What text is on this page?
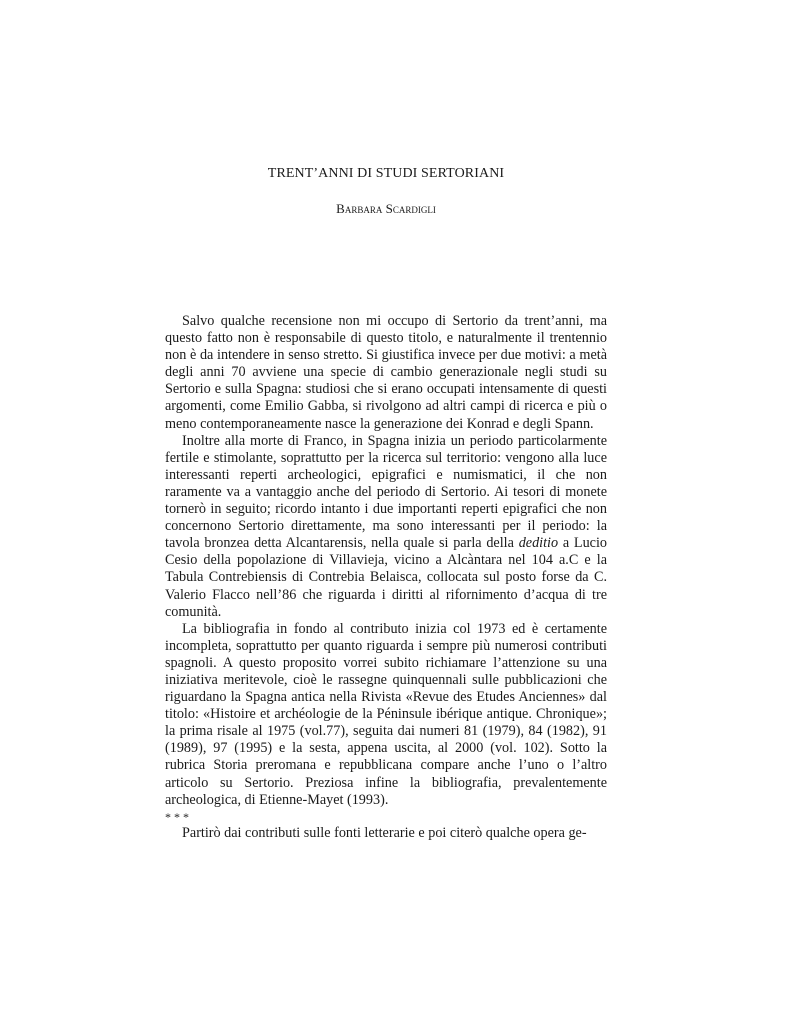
TRENT’ANNI DI STUDI SERTORIANI
Barbara Scardigli

Salvo qualche recensione non mi occupo di Sertorio da trent’anni, ma questo fatto non è responsabile di questo titolo, e naturalmente il trentennio non è da intendere in senso stretto. Si giustifica invece per due motivi: a metà degli anni 70 avviene una specie di cambio generazionale negli studi su Sertorio e sulla Spagna: studiosi che si erano occupati intensamente di questi argomenti, come Emilio Gabba, si rivolgono ad altri campi di ricerca e più o meno contemporaneamente nasce la generazione dei Konrad e degli Spann.

Inoltre alla morte di Franco, in Spagna inizia un periodo particolarmente fertile e stimolante, soprattutto per la ricerca sul territorio: vengono alla luce interessanti reperti archeologici, epigrafici e numismatici, il che non raramente va a vantaggio anche del periodo di Sertorio. Ai tesori di monete tornerò in seguito; ricordo intanto i due importanti reperti epigrafici che non concernono Sertorio direttamente, ma sono interessanti per il periodo: la tavola bronzea detta Alcantarensis, nella quale si parla della deditio a Lucio Cesio della popolazione di Villavieja, vicino a Alcàntara nel 104 a.C e la Tabula Contrebiensis di Contrebia Belaisca, collocata sul posto forse da C. Valerio Flacco nell’86 che riguarda i diritti al rifornimento d’acqua di tre comunità.

La bibliografia in fondo al contributo inizia col 1973 ed è certamente incompleta, soprattutto per quanto riguarda i sempre più numerosi contributi spagnoli. A questo proposito vorrei subito richiamare l’attenzione su una iniziativa meritevole, cioè le rassegne quinquennali sulle pubblicazioni che riguardano la Spagna antica nella Rivista «Revue des Etudes Anciennes» dal titolo: «Histoire et archéologie de la Péninsule ibérique antique. Chronique»; la prima risale al 1975 (vol.77), seguita dai numeri 81 (1979), 84 (1982), 91 (1989), 97 (1995) e la sesta, appena uscita, al 2000 (vol. 102). Sotto la rubrica Storia preromana e repubblicana compare anche l’uno o l’altro articolo su Sertorio. Preziosa infine la bibliografia, prevalentemente archeologica, di Etienne-Mayet (1993).

* * *

Partirò dai contributi sulle fonti letterarie e poi citerò qualche opera ge-
